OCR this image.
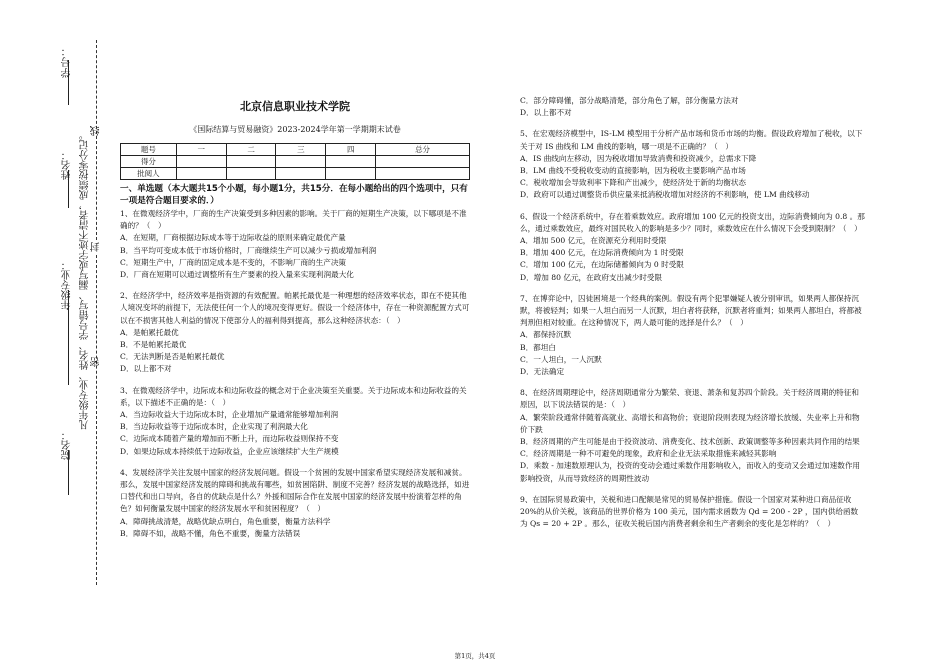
学号：
姓名：
年级专业：
院名：
凡年级专业、姓名、学号错写、漏写或字迹不清者，成绩按零分记。 线
封
密
北京信息职业技术学院
《国际结算与贸易融资》2023-2024学年第一学期期末试卷
题号	一	二	三	四	总分
得分					
批阅人					
一、单选题（本大题共15个小题，每小题1分，共15分．在每小题给出的四个选项中，只有一项是符合题目要求的．）

1、在微观经济学中，厂商的生产决策受到多种因素的影响。关于厂商的短期生产决策，以下哪项是不准确的？（　）

A．在短期，厂商根据边际成本等于边际收益的原则来确定最优产量

B．当平均可变成本低于市场价格时，厂商继续生产可以减少亏损或增加利润

C．短期生产中，厂商的固定成本是不变的，不影响厂商的生产决策

D．厂商在短期可以通过调整所有生产要素的投入量来实现利润最大化

2、在经济学中，经济效率是指资源的有效配置。帕累托最优是一种理想的经济效率状态，即在不使其他人境况变坏的前提下，无法使任何一个人的境况变得更好。假设一个经济体中，存在一种资源配置方式可以在不损害其他人利益的情况下使部分人的福利得到提高，那么这种经济状态：（　）

A．是帕累托最优

B．不是帕累托最优

C．无法判断是否是帕累托最优

D．以上都不对

3、在微观经济学中，边际成本和边际收益的概念对于企业决策至关重要。关于边际成本和边际收益的关系，以下描述不正确的是：（　）

A．当边际收益大于边际成本时，企业增加产量通常能够增加利润

B．当边际收益等于边际成本时，企业实现了利润最大化

C．边际成本随着产量的增加而不断上升，而边际收益则保持不变

D．如果边际成本持续低于边际收益，企业应该继续扩大生产规模

4、发展经济学关注发展中国家的经济发展问题。假设一个贫困的发展中国家希望实现经济发展和减贫。那么，发展中国家经济发展的障碍和挑战有哪些，如贫困陷阱、制度不完善？经济发展的战略选择，如进口替代和出口导向，各自的优缺点是什么？外援和国际合作在发展中国家的经济发展中扮演着怎样的角色？如何衡量发展中国家的经济发展水平和贫困程度？（　）

A．障碍挑战清楚，战略优缺点明白，角色重要，衡量方法科学

B．障碍不如，战略不懂，角色不重要，衡量方法错误

C．部分障碍懂，部分战略清楚，部分角色了解，部分衡量方法对

D．以上都不对

5、在宏观经济模型中，IS-LM 模型用于分析产品市场和货币市场的均衡。假设政府增加了税收，以下关于对 IS 曲线和 LM 曲线的影响，哪一项是不正确的？（　）

A．IS 曲线向左移动，因为税收增加导致消费和投资减少，总需求下降

B．LM 曲线不受税收变动的直接影响，因为税收主要影响产品市场

C．税收增加会导致利率下降和产出减少，使经济处于新的均衡状态

D．政府可以通过调整货币供应量来抵消税收增加对经济的不利影响，使 LM 曲线移动

6、假设一个经济系统中，存在着乘数效应。政府增加 100 亿元的投资支出，边际消费倾向为 0.8 。那么，通过乘数效应，最终对国民收入的影响是多少？同时，乘数效应在什么情况下会受到限制？（　）

A．增加 500 亿元，在资源充分利用时受限

B．增加 400 亿元，在边际消费倾向为 1 时受限

C．增加 100 亿元，在边际储蓄倾向为 0 时受限

D．增加 80 亿元，在政府支出减少时受限

7、在博弈论中，囚徒困境是一个经典的案例。假设有两个犯罪嫌疑人被分别审讯，如果两人都保持沉默，将被轻判；如果一人坦白而另一人沉默，坦白者将获释，沉默者将重判；如果两人都坦白，将都被判刑但相对较重。在这种情况下，两人最可能的选择是什么？（　）

A．都保持沉默

B．都坦白

C．一人坦白，一人沉默

D．无法确定

8、在经济周期理论中，经济周期通常分为繁荣、衰退、萧条和复苏四个阶段。关于经济周期的特征和原因，以下说法错误的是：（　）

A．繁荣阶段通常伴随着高就业、高增长和高物价；衰退阶段则表现为经济增长放缓、失业率上升和物价下跌

B．经济周期的产生可能是由于投资波动、消费变化、技术创新、政策调整等多种因素共同作用的结果

C．经济周期是一种不可避免的现象，政府和企业无法采取措施来减轻其影响

D．乘数 - 加速数原理认为，投资的变动会通过乘数作用影响收入，而收入的变动又会通过加速数作用影响投资，从而导致经济的周期性波动

9、在国际贸易政策中，关税和进口配额是常见的贸易保护措施。假设一个国家对某种进口商品征收 20%的从价关税，该商品的世界价格为 100 美元，国内需求函数为 Qd = 200 - 2P ，国内供给函数为 Qs = 20 + 2P 。那么，征收关税后国内消费者剩余和生产者剩余的变化是怎样的？（　）

第1页，共4页
